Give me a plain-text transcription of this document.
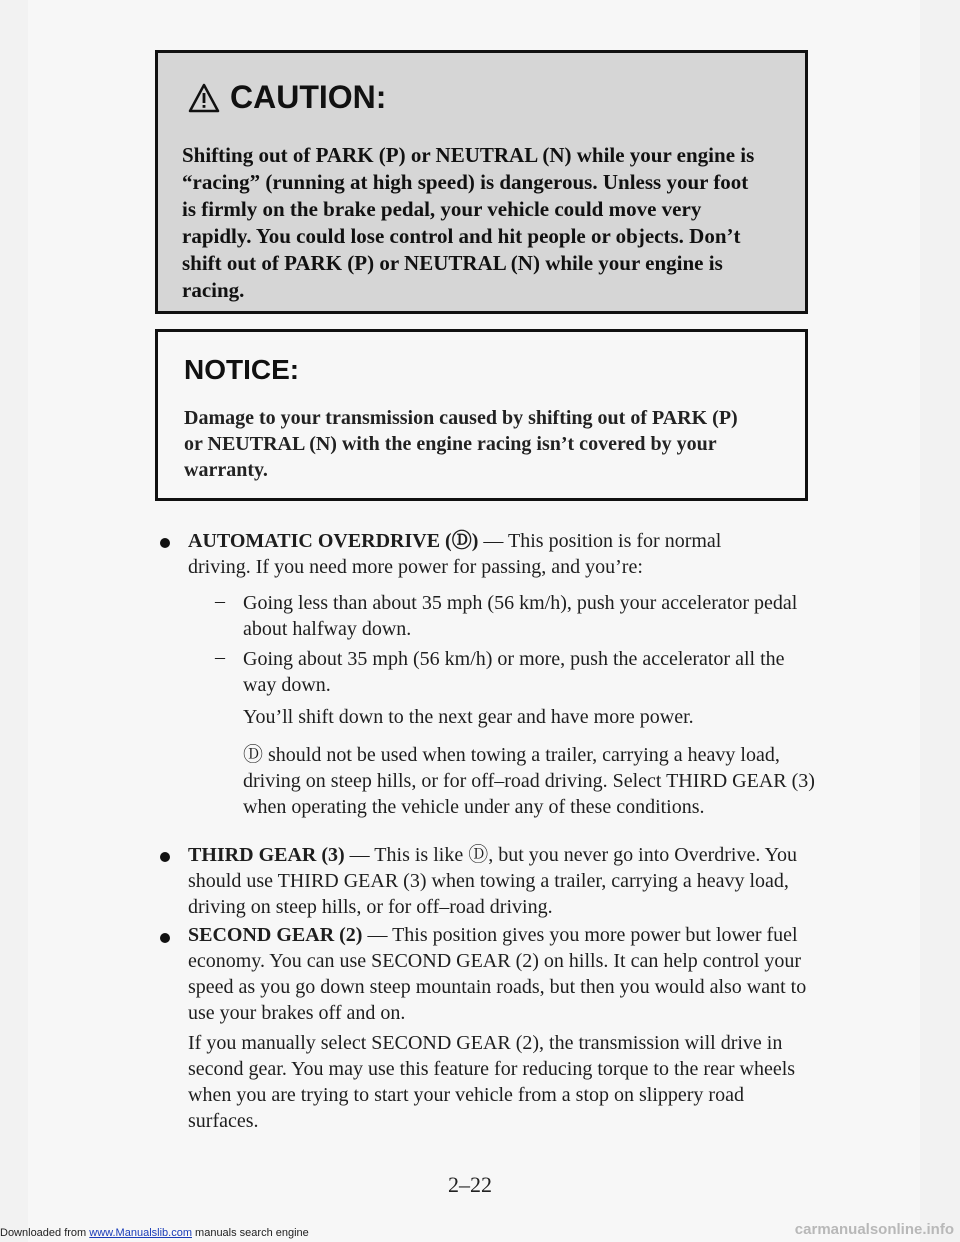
CAUTION:
Shifting out of PARK (P) or NEUTRAL (N) while your engine is “racing” (running at high speed) is dangerous. Unless your foot is firmly on the brake pedal, your vehicle could move very rapidly. You could lose control and hit people or objects. Don’t shift out of PARK (P) or NEUTRAL (N) while your engine is racing.
NOTICE:
Damage to your transmission caused by shifting out of PARK (P) or NEUTRAL (N) with the engine racing isn’t covered by your warranty.
AUTOMATIC OVERDRIVE (Ⓓ) — This position is for normal driving. If you need more power for passing, and you’re:
– Going less than about 35 mph (56 km/h), push your accelerator pedal about halfway down.
– Going about 35 mph (56 km/h) or more, push the accelerator all the way down.
You’ll shift down to the next gear and have more power.
Ⓓ should not be used when towing a trailer, carrying a heavy load, driving on steep hills, or for off–road driving. Select THIRD GEAR (3) when operating the vehicle under any of these conditions.
THIRD GEAR (3) — This is like Ⓓ, but you never go into Overdrive. You should use THIRD GEAR (3) when towing a trailer, carrying a heavy load, driving on steep hills, or for off–road driving.
SECOND GEAR (2) — This position gives you more power but lower fuel economy. You can use SECOND GEAR (2) on hills. It can help control your speed as you go down steep mountain roads, but then you would also want to use your brakes off and on.
If you manually select SECOND GEAR (2), the transmission will drive in second gear. You may use this feature for reducing torque to the rear wheels when you are trying to start your vehicle from a stop on slippery road surfaces.
2–22
Downloaded from www.Manualslib.com manuals search engine	carmanualsonline.info
